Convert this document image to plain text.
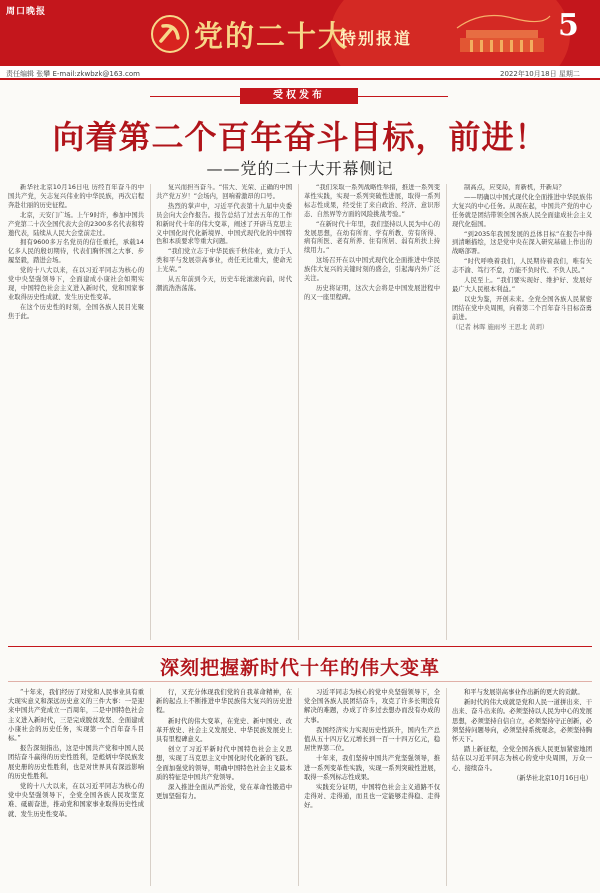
周口晚报
党的二十大
特别报道	5
责任编辑 张攀 E-mail:zkwbzk@163.com	2022年10月18日 星期二
受权发布
向着第二个百年奋斗目标，前进！
——党的二十大开幕侧记

新华社北京10月16日电 历经百年奋斗的中国共产党，矢志复兴伟业的中华民族，再次启程奔赴壮丽的历史征程。

北京，天安门广场。上午9时许，参加中国共产党第二十次全国代表大会的2300多名代表和特邀代表，陆续从人民大会堂前走过。

拥有9600多万名党员的信任重托，承载14亿多人民的殷切期待，代表们胸怀国之大事、步履坚毅，踏进会场。

党的十八大以来，在以习近平同志为核心的党中央坚强领导下，全面建成小康社会如期实现，中国特色社会主义进入新时代，党和国家事业取得历史性成就、发生历史性变革。

在这个历史性的时刻，全国各族人民目光聚焦于此。

复兴而担当奋斗。“伟大、光荣、正确的中国共产党万岁！”会场内，回响着激昂的口号。

热烈的掌声中，习近平代表第十九届中央委员会向大会作报告。报告总结了过去五年的工作和新时代十年的伟大变革，阐述了开辟马克思主义中国化时代化新境界、中国式现代化的中国特色和本质要求等重大问题。

“我们党立志于中华民族千秋伟业，致力于人类和平与发展崇高事业，责任无比重大，使命无上光荣。”

从五年前到今天，历史车轮滚滚向前，时代潮流浩浩荡荡。

“我们采取一系列战略性举措，推进一系列变革性实践，实现一系列突破性进展，取得一系列标志性成果，经受住了来自政治、经济、意识形态、自然界等方面的风险挑战考验。”

“在新时代十年里，我们坚持以人民为中心的发展思想，在幼有所育、学有所教、劳有所得、病有所医、老有所养、住有所居、弱有所扶上持续用力。”

这场召开在以中国式现代化全面推进中华民族伟大复兴的关键时刻的盛会，引起海内外广泛关注。

历史将证明，这次大会将是中国发展进程中的又一座里程碑。

制高点，应变局，育新机，开新局？

——明确以中国式现代化全面推进中华民族伟大复兴的中心任务。从现在起，中国共产党的中心任务就是团结带领全国各族人民全面建成社会主义现代化强国。

“到2035年我国发展的总体目标”在报告中得到清晰描绘，这是党中央在深入研究基础上作出的战略部署。

“时代呼唤着我们，人民期待着我们，唯有矢志不渝、笃行不怠，方能不负时代、不负人民。”

人民至上。“我们要实现好、维护好、发展好最广大人民根本利益。”

以史为鉴，开创未来。全党全国各族人民紧密团结在党中央周围，向着第二个百年奋斗目标奋勇前进。

（记者 林晖 施雨岑 王思北 黄玥）

深刻把握新时代十年的伟大变革

“十年来，我们经历了对党和人民事业具有重大现实意义和深远历史意义的三件大事：一是迎来中国共产党成立一百周年，二是中国特色社会主义进入新时代，三是完成脱贫攻坚、全面建成小康社会的历史任务，实现第一个百年奋斗目标。”

报告深刻指出，这是中国共产党和中国人民团结奋斗赢得的历史性胜利，是彪炳中华民族发展史册的历史性胜利，也是对世界具有深远影响的历史性胜利。

党的十八大以来，在以习近平同志为核心的党中央坚强领导下，全党全国各族人民攻坚克难、砥砺奋进，推动党和国家事业取得历史性成就、发生历史性变革。

行，又充分体现我们党的自我革命精神，在新的起点上不断推进中华民族伟大复兴的历史进程。

新时代的伟大变革，在党史、新中国史、改革开放史、社会主义发展史、中华民族发展史上具有里程碑意义。

创立了习近平新时代中国特色社会主义思想，实现了马克思主义中国化时代化新的飞跃。全面加强党的领导，明确中国特色社会主义最本质的特征是中国共产党领导。

深入推进全面从严治党，党在革命性锻造中更加坚强有力。

习近平同志为核心的党中央坚强领导下，全党全国各族人民团结奋斗，攻克了许多长期没有解决的难题，办成了许多过去想办而没有办成的大事。

我国经济实力实现历史性跃升，国内生产总值从五十四万亿元增长到一百一十四万亿元，稳居世界第二位。

十年来，我们坚持中国共产党坚强领导，推进一系列变革性实践，实现一系列突破性进展，取得一系列标志性成果。

实践充分证明，中国特色社会主义道路不仅走得对、走得通，而且也一定能够走得稳、走得好。

和平与发展崇高事业作出新的更大的贡献。

新时代的伟大成就是党和人民一道拼出来、干出来、奋斗出来的。必须坚持以人民为中心的发展思想，必须坚持自信自立，必须坚持守正创新，必须坚持问题导向，必须坚持系统观念，必须坚持胸怀天下。

踏上新征程，全党全国各族人民更加紧密地团结在以习近平同志为核心的党中央周围，万众一心、接续奋斗。

（新华社北京10月16日电）
